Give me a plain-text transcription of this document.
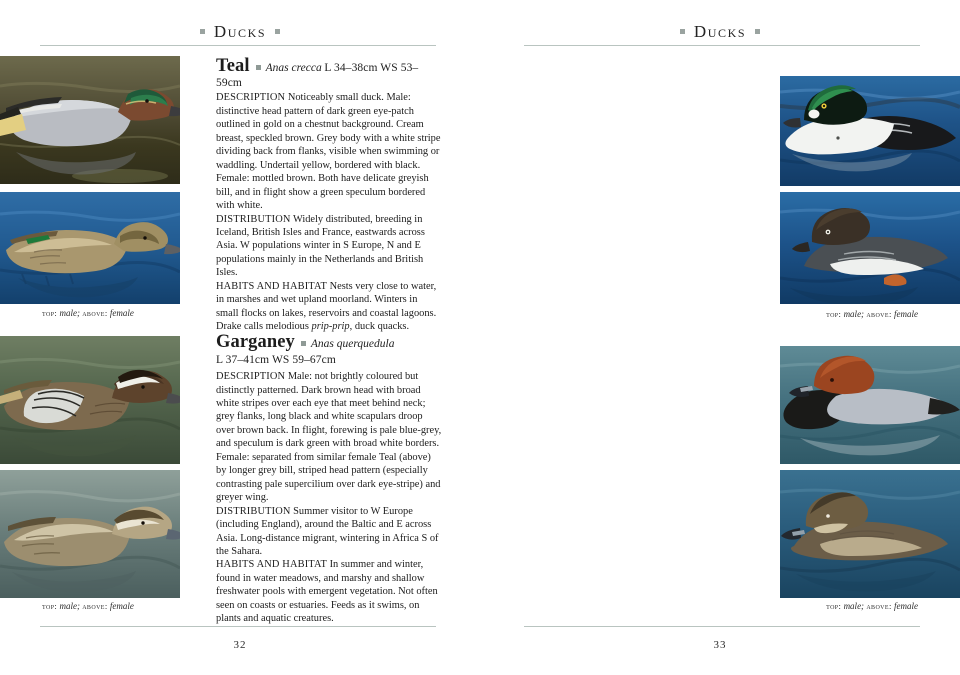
Ducks
top: male; above: female
top: male; above: female

Teal Anas crecca L 34–38cm WS 53–59cm

DESCRIPTION Noticeably small duck. Male: distinctive head pattern of dark green eye-patch outlined in gold on a chestnut background. Cream breast, speckled brown. Grey body with a white stripe dividing back from flanks, visible when swimming or waddling. Undertail yellow, bordered with black. Female: mottled brown. Both have delicate greyish bill, and in flight show a green speculum bordered with white.

DISTRIBUTION Widely distributed, breeding in Iceland, British Isles and France, eastwards across Asia. W populations winter in S Europe, N and E populations mainly in the Netherlands and British Isles.

HABITS AND HABITAT Nests very close to water, in marshes and wet upland moorland. Winters in small flocks on lakes, reservoirs and coastal lagoons. Drake calls melodious prip-prip, duck quacks.

Garganey Anas querquedula

L 37–41cm WS 59–67cm

DESCRIPTION Male: not brightly coloured but distinctly patterned. Dark brown head with broad white stripes over each eye that meet behind neck; grey flanks, long black and white scapulars droop over brown back. In flight, forewing is pale blue-grey, and speculum is dark green with broad white borders. Female: separated from similar female Teal (above) by longer grey bill, striped head pattern (especially contrasting pale supercilium over dark eye-stripe) and greyer wing.

DISTRIBUTION Summer visitor to W Europe (including England), around the Baltic and E across Asia. Long-distance migrant, wintering in Africa S of the Sahara.

HABITS AND HABITAT In summer and winter, found in water meadows, and marshy and shallow freshwater pools with emergent vegetation. Not often seen on coasts or estuaries. Feeds as it swims, on plants and aquatic creatures.

32
Ducks
top: male; above: female
top: male; above: female

33
